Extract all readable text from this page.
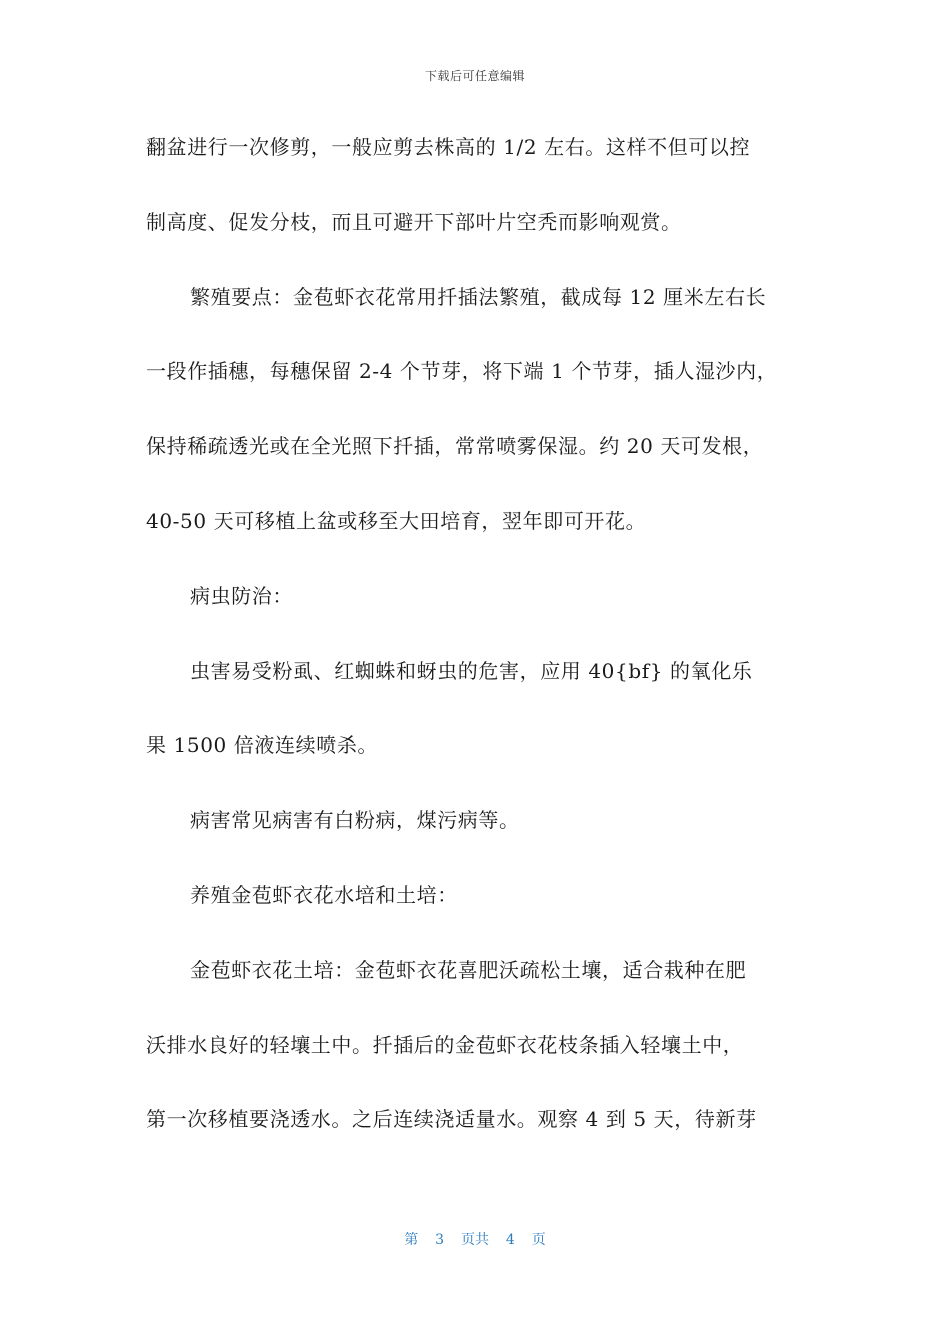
下载后可任意编辑
翻盆进行一次修剪，一般应剪去株高的 1/2 左右。这样不但可以控
制高度、促发分枝，而且可避开下部叶片空秃而影响观赏。
繁殖要点：金苞虾衣花常用扦插法繁殖，截成每 12 厘米左右长
一段作插穗，每穗保留 2-4 个节芽，将下端 1 个节芽，插人湿沙内，
保持稀疏透光或在全光照下扦插，常常喷雾保湿。约 20 天可发根，
40-50 天可移植上盆或移至大田培育，翌年即可开花。
病虫防治：
虫害易受粉虱、红蜘蛛和蚜虫的危害，应用 40{bf} 的氧化乐
果 1500 倍液连续喷杀。
病害常见病害有白粉病，煤污病等。
养殖金苞虾衣花水培和土培：
金苞虾衣花土培：金苞虾衣花喜肥沃疏松土壤，适合栽种在肥
沃排水良好的轻壤土中。扦插后的金苞虾衣花枝条插入轻壤土中，
第一次移植要浇透水。之后连续浇适量水。观察 4 到 5 天，待新芽
第  3  页共  4  页
